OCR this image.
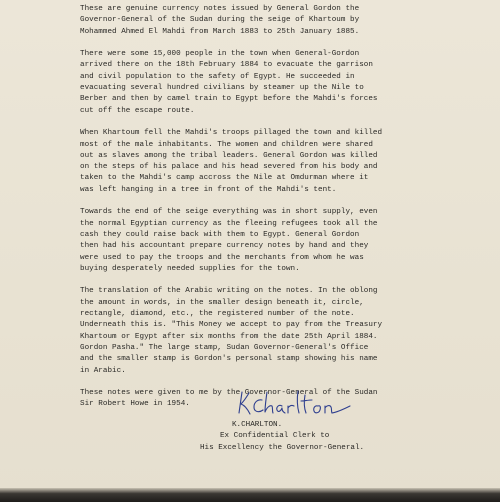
These are genuine currency notes issued by General Gordon the
Governor-General of the Sudan during the seige of Khartoum by
Mohammed Ahmed El Mahdi from March 1883 to 25th January 1885.
There were some 15,000 people in the town when General-Gordon
arrived there on the 18th February 1884 to evacuate the garrison
and civil population to the safety of Egypt. He succeeded in
evacuating several hundred civilians by steamer up the Nile to
Berber and then by camel train to Egypt before the Mahdi's forces
cut off the escape route.
When Khartoum fell the Mahdi's troops pillaged the town and killed
most of the male inhabitants. The women and children were shared
out as slaves among the tribal leaders. General Gordon was killed
on the steps of his palace and his head severed from his body and
taken to the Mahdi's camp accross the Nile at Omdurman where it
was left hanging in a tree in front of the Mahdi's tent.
Towards the end of the seige everything was in short supply, even
the normal Egyptian currency as the fleeing refugees took all the
cash they could raise back with them to Egypt. General Gordon
then had his accountant prepare currency notes by hand and they
were used to pay the troops and the merchants from whom he was
buying desperately needed supplies for the town.
The translation of the Arabic writing on the notes. In the oblong
the amount in words, in the smaller design beneath it, circle,
rectangle, diamond, etc., the registered number of the note.
Underneath this is. "This Money we accept to pay from the Treasury
Khartoum or Egypt after six months from the date 25th April 1884.
Gordon Pasha." The large stamp, Sudan Governor-General's Office
and the smaller stamp is Gordon's personal stamp showing his name
in Arabic.
These notes were given to me by the Governor-General of the Sudan
Sir Robert Howe in 1954.
K.CHARLTON.
Ex Confidential Clerk to
His Excellency the Governor-General.
